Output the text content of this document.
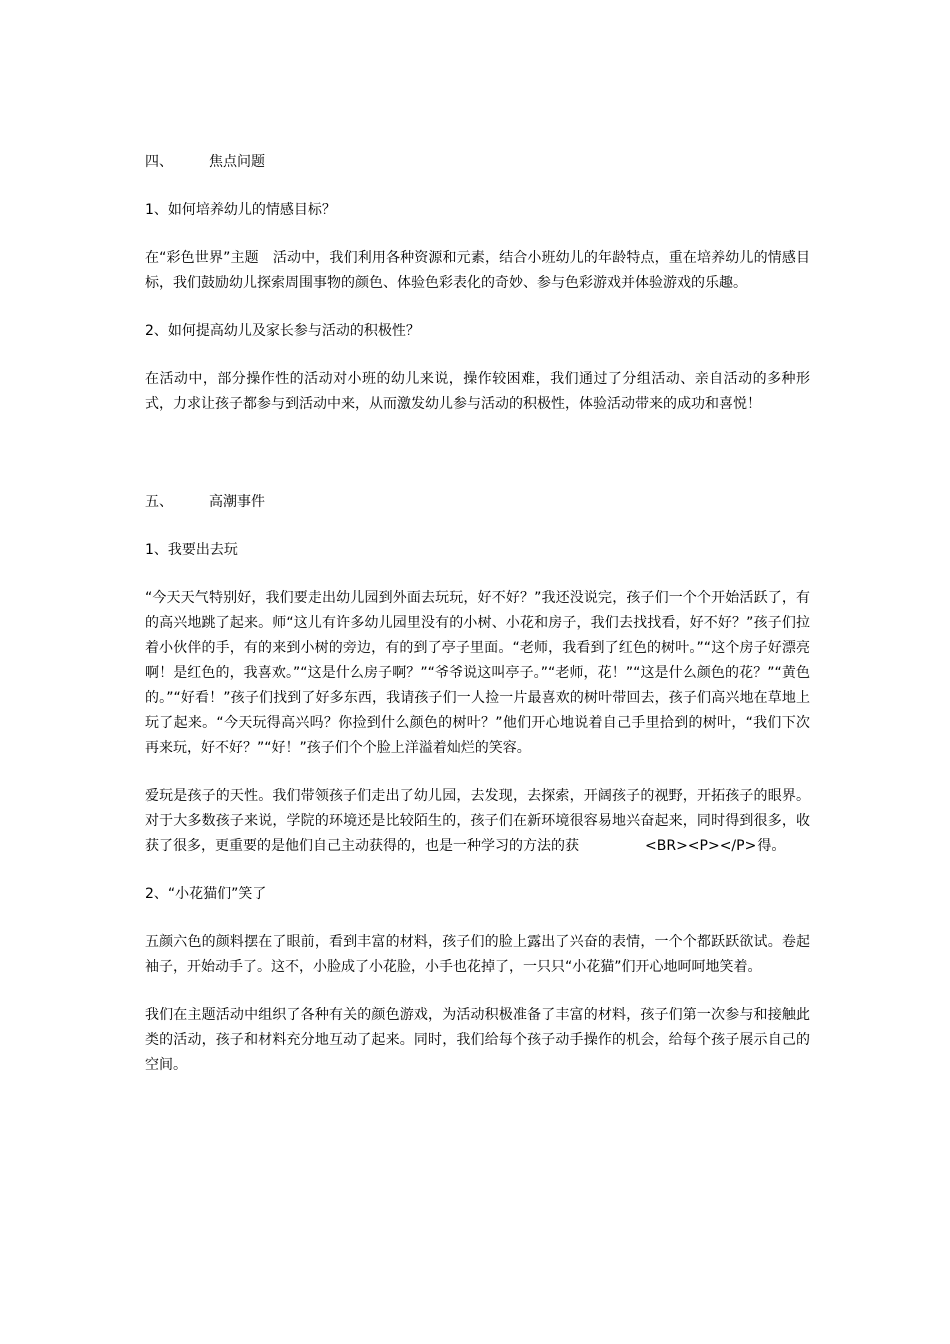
四、	焦点问题

1、如何培养幼儿的情感目标？

在“彩色世界”主题　活动中，我们利用各种资源和元素，结合小班幼儿的年龄特点，重在培养幼儿的情感目标，我们鼓励幼儿探索周围事物的颜色、体验色彩表化的奇妙、参与色彩游戏并体验游戏的乐趣。

2、如何提高幼儿及家长参与活动的积极性？

在活动中，部分操作性的活动对小班的幼儿来说，操作较困难，我们通过了分组活动、亲自活动的多种形式，力求让孩子都参与到活动中来，从而激发幼儿参与活动的积极性，体验活动带来的成功和喜悦！

五、	高潮事件

1、我要出去玩

“今天天气特别好，我们要走出幼儿园到外面去玩玩，好不好？”我还没说完，孩子们一个个开始活跃了，有的高兴地跳了起来。师“这儿有许多幼儿园里没有的小树、小花和房子，我们去找找看，好不好？”孩子们拉着小伙伴的手，有的来到小树的旁边，有的到了亭子里面。“老师，我看到了红色的树叶。”“这个房子好漂亮啊！是红色的，我喜欢。”“这是什么房子啊？”“爷爷说这叫亭子。”“老师，花！”“这是什么颜色的花？”“黄色的。”“好看！”孩子们找到了好多东西，我请孩子们一人捡一片最喜欢的树叶带回去，孩子们高兴地在草地上玩了起来。“今天玩得高兴吗？你捡到什么颜色的树叶？”他们开心地说着自己手里拾到的树叶，“我们下次再来玩，好不好？”“好！”孩子们个个脸上洋溢着灿烂的笑容。

爱玩是孩子的天性。我们带领孩子们走出了幼儿园，去发现，去探索，开阔孩子的视野，开拓孩子的眼界。对于大多数孩子来说，学院的环境还是比较陌生的，孩子们在新环境很容易地兴奋起来，同时得到很多，收获了很多，更重要的是他们自己主动获得的，也是一种学习的方法的获	<BR><P></P>得。

2、“小花猫们”笑了

五颜六色的颜料摆在了眼前，看到丰富的材料，孩子们的脸上露出了兴奋的表情，一个个都跃跃欲试。卷起袖子，开始动手了。这不，小脸成了小花脸，小手也花掉了，一只只“小花猫”们开心地呵呵地笑着。

我们在主题活动中组织了各种有关的颜色游戏，为活动积极准备了丰富的材料，孩子们第一次参与和接触此类的活动，孩子和材料充分地互动了起来。同时，我们给每个孩子动手操作的机会，给每个孩子展示自己的空间。
